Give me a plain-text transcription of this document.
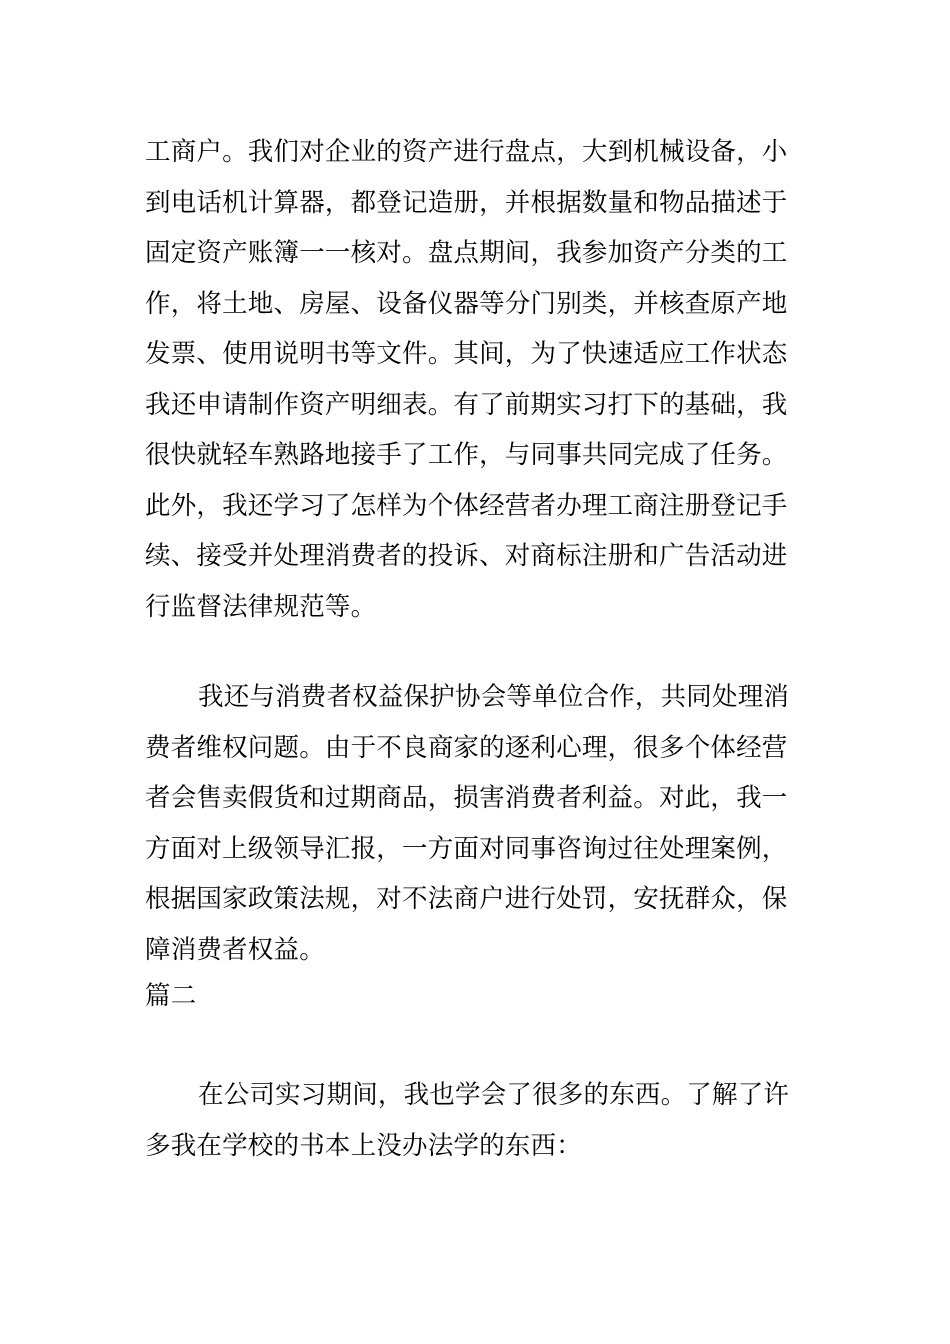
工商户。我们对企业的资产进行盘点，大到机械设备，小
到电话机计算器，都登记造册，并根据数量和物品描述于
固定资产账簿一一核对。盘点期间，我参加资产分类的工
作，将土地、房屋、设备仪器等分门别类，并核查原产地
发票、使用说明书等文件。其间，为了快速适应工作状态
我还申请制作资产明细表。有了前期实习打下的基础，我
很快就轻车熟路地接手了工作，与同事共同完成了任务。
此外，我还学习了怎样为个体经营者办理工商注册登记手
续、接受并处理消费者的投诉、对商标注册和广告活动进
行监督法律规范等。
我还与消费者权益保护协会等单位合作，共同处理消
费者维权问题。由于不良商家的逐利心理，很多个体经营
者会售卖假货和过期商品，损害消费者利益。对此，我一
方面对上级领导汇报，一方面对同事咨询过往处理案例，
根据国家政策法规，对不法商户进行处罚，安抚群众，保
障消费者权益。
篇二
在公司实习期间，我也学会了很多的东西。了解了许
多我在学校的书本上没办法学的东西：
